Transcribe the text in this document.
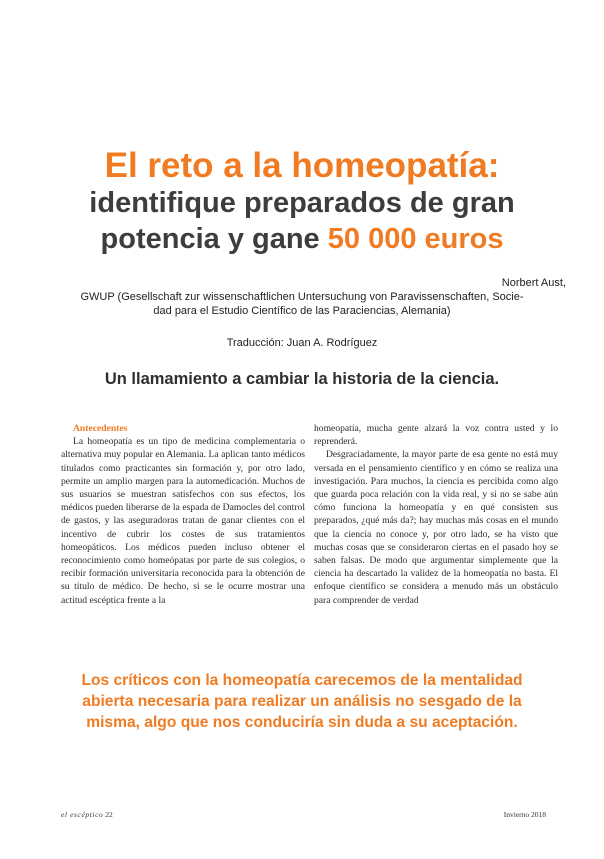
El reto a la homeopatía:
identifique preparados de gran
potencia y gane 50 000 euros
Norbert Aust,
GWUP (Gesellschaft zur wissenschaftlichen Untersuchung von Paravissenschaften, Socie-
dad para el Estudio Científico de las Paraciencias, Alemania)
Traducción: Juan A. Rodríguez
Un llamamiento a cambiar la historia de la ciencia.
Antecedentes

La homeopatía es un tipo de medicina complementaria o alternativa muy popular en Alemania. La aplican tanto médicos titulados como practicantes sin formación y, por otro lado, permite un amplio margen para la automedicación. Muchos de sus usuarios se muestran satisfechos con sus efectos, los médicos pueden liberarse de la espada de Damocles del control de gastos, y las aseguradoras tratan de ganar clientes con el incentivo de cubrir los costes de sus tratamientos homeopáticos. Los médicos pueden incluso obtener el reconocimiento como homeópatas por parte de sus colegios, o recibir formación universitaria reconocida para la obtención de su título de médico. De hecho, si se le ocurre mostrar una actitud escéptica frente a la

homeopatía, mucha gente alzará la voz contra usted y lo reprenderá.

Desgraciadamente, la mayor parte de esa gente no está muy versada en el pensamiento científico y en cómo se realiza una investigación. Para muchos, la ciencia es percibida como algo que guarda poca relación con la vida real, y si no se sabe aún cómo funciona la homeopatía y en qué consisten sus preparados, ¿qué más da?; hay muchas más cosas en el mundo que la ciencia no conoce y, por otro lado, se ha visto que muchas cosas que se consideraron ciertas en el pasado hoy se saben falsas. De modo que argumentar simplemente que la ciencia ha descartado la validez de la homeopatía no basta. El enfoque científico se considera a menudo más un obstáculo para comprender de verdad

Los críticos con la homeopatía carecemos de la mentalidad
abierta necesaria para realizar un análisis no sesgado de la
misma, algo que nos conduciría sin duda a su aceptación.
el escéptico 22	Invierno 2018
